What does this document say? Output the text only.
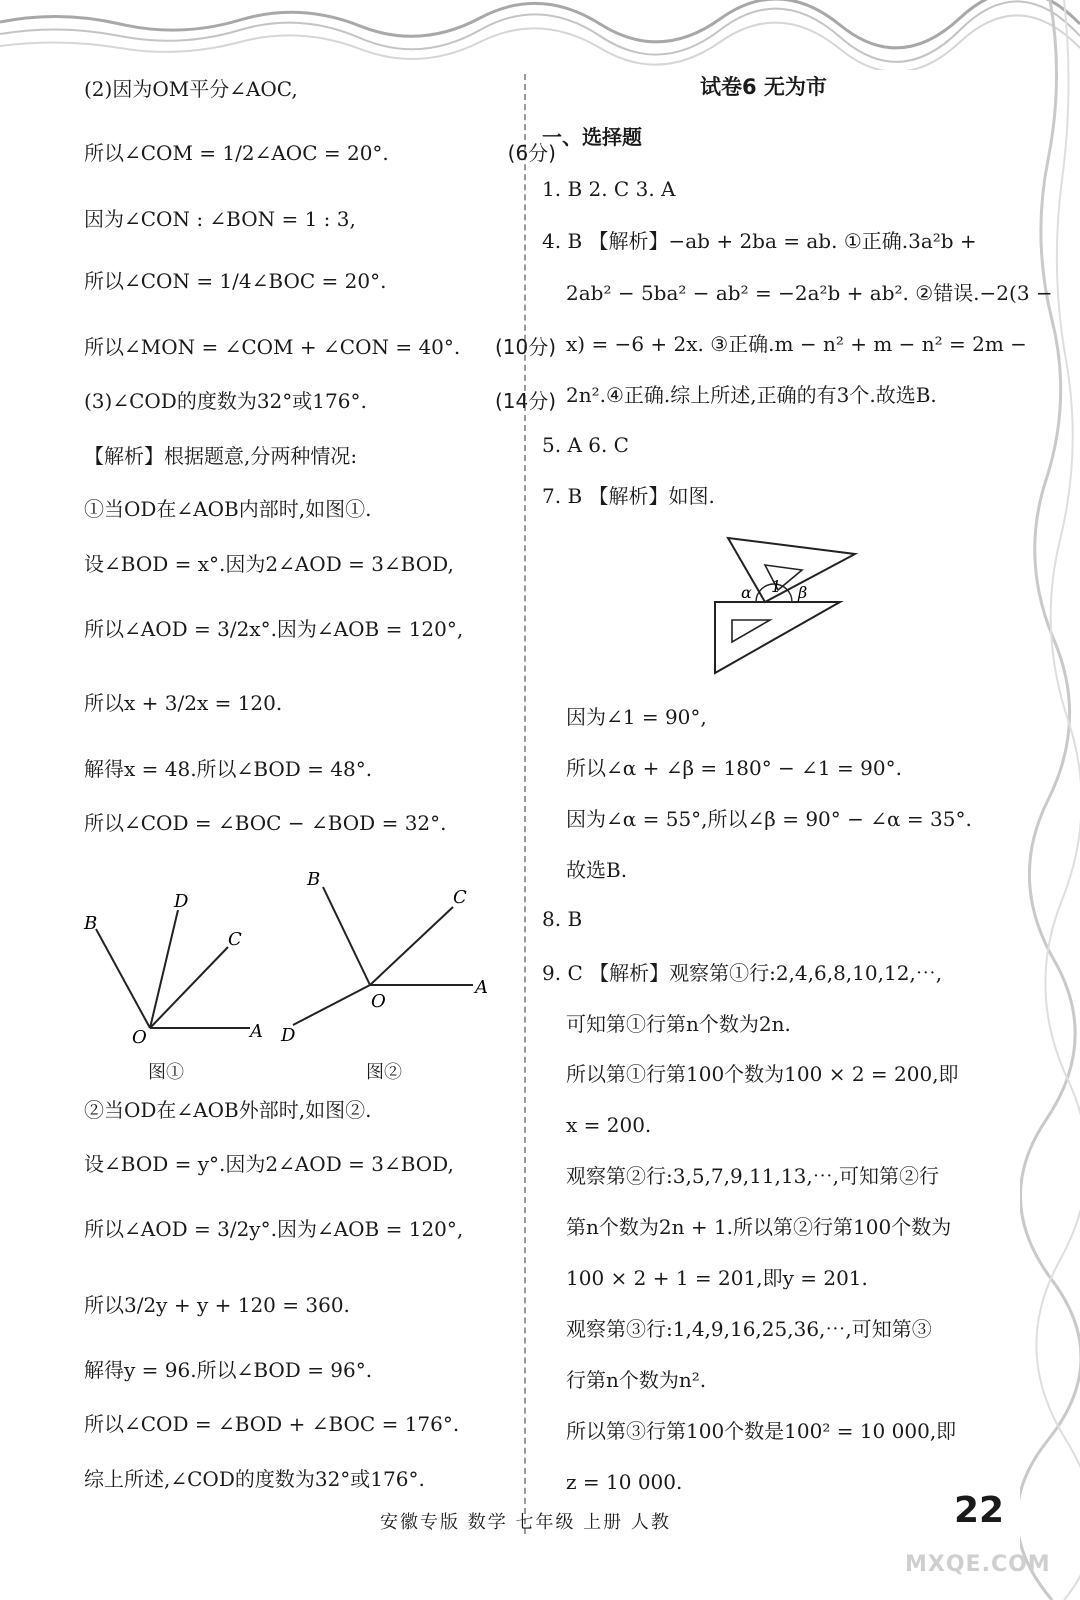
(2)因为OM平分∠AOC,
所以∠COM = 1/2∠AOC = 20°.	(6分)
因为∠CON : ∠BON = 1 : 3,
所以∠CON = 1/4∠BOC = 20°.
所以∠MON = ∠COM + ∠CON = 40°. (10分)
(3)∠COD的度数为32°或176°.	(14分)
【解析】根据题意,分两种情况:
①当OD在∠AOB内部时,如图①.
设∠BOD = x°.因为2∠AOD = 3∠BOD,
所以∠AOD = 3/2x°.因为∠AOB = 120°,
所以x + 3/2x = 120.
解得x = 48.所以∠BOD = 48°.
所以∠COD = ∠BOC − ∠BOD = 32°.
②当OD在∠AOB外部时,如图②.
设∠BOD = y°.因为2∠AOD = 3∠BOD,
所以∠AOD = 3/2y°.因为∠AOB = 120°,
所以3/2y + y + 120 = 360.
解得y = 96.所以∠BOD = 96°.
所以∠COD = ∠BOD + ∠BOC = 176°.
综上所述,∠COD的度数为32°或176°.
B
D
C
O	A
图①
B
C
O
A
D
图②
试卷6 无为市
一、选择题
1. B 2. C 3. A
4. B 【解析】−ab + 2ba = ab. ①正确.3a²b +
2ab² − 5ba² − ab² = −2a²b + ab². ②错误.−2(3 −
x) = −6 + 2x. ③正确.m − n² + m − n² = 2m −
2n².④正确.综上所述,正确的有3个.故选B.
5. A 6. C
7. B 【解析】如图.
因为∠1 = 90°,
所以∠α + ∠β = 180° − ∠1 = 90°.
因为∠α = 55°,所以∠β = 90° − ∠α = 35°.
故选B.
8. B
9. C 【解析】观察第①行:2,4,6,8,10,12,⋯,
可知第①行第n个数为2n.
所以第①行第100个数为100 × 2 = 200,即
x = 200.
观察第②行:3,5,7,9,11,13,⋯,可知第②行
第n个数为2n + 1.所以第②行第100个数为
100 × 2 + 1 = 201,即y = 201.
观察第③行:1,4,9,16,25,36,⋯,可知第③
行第n个数为n².
所以第③行第100个数是100² = 10 000,即
z = 10 000.
α 1 β
安徽专版 数学 七年级 上册 人教	22
MXQE.COM
